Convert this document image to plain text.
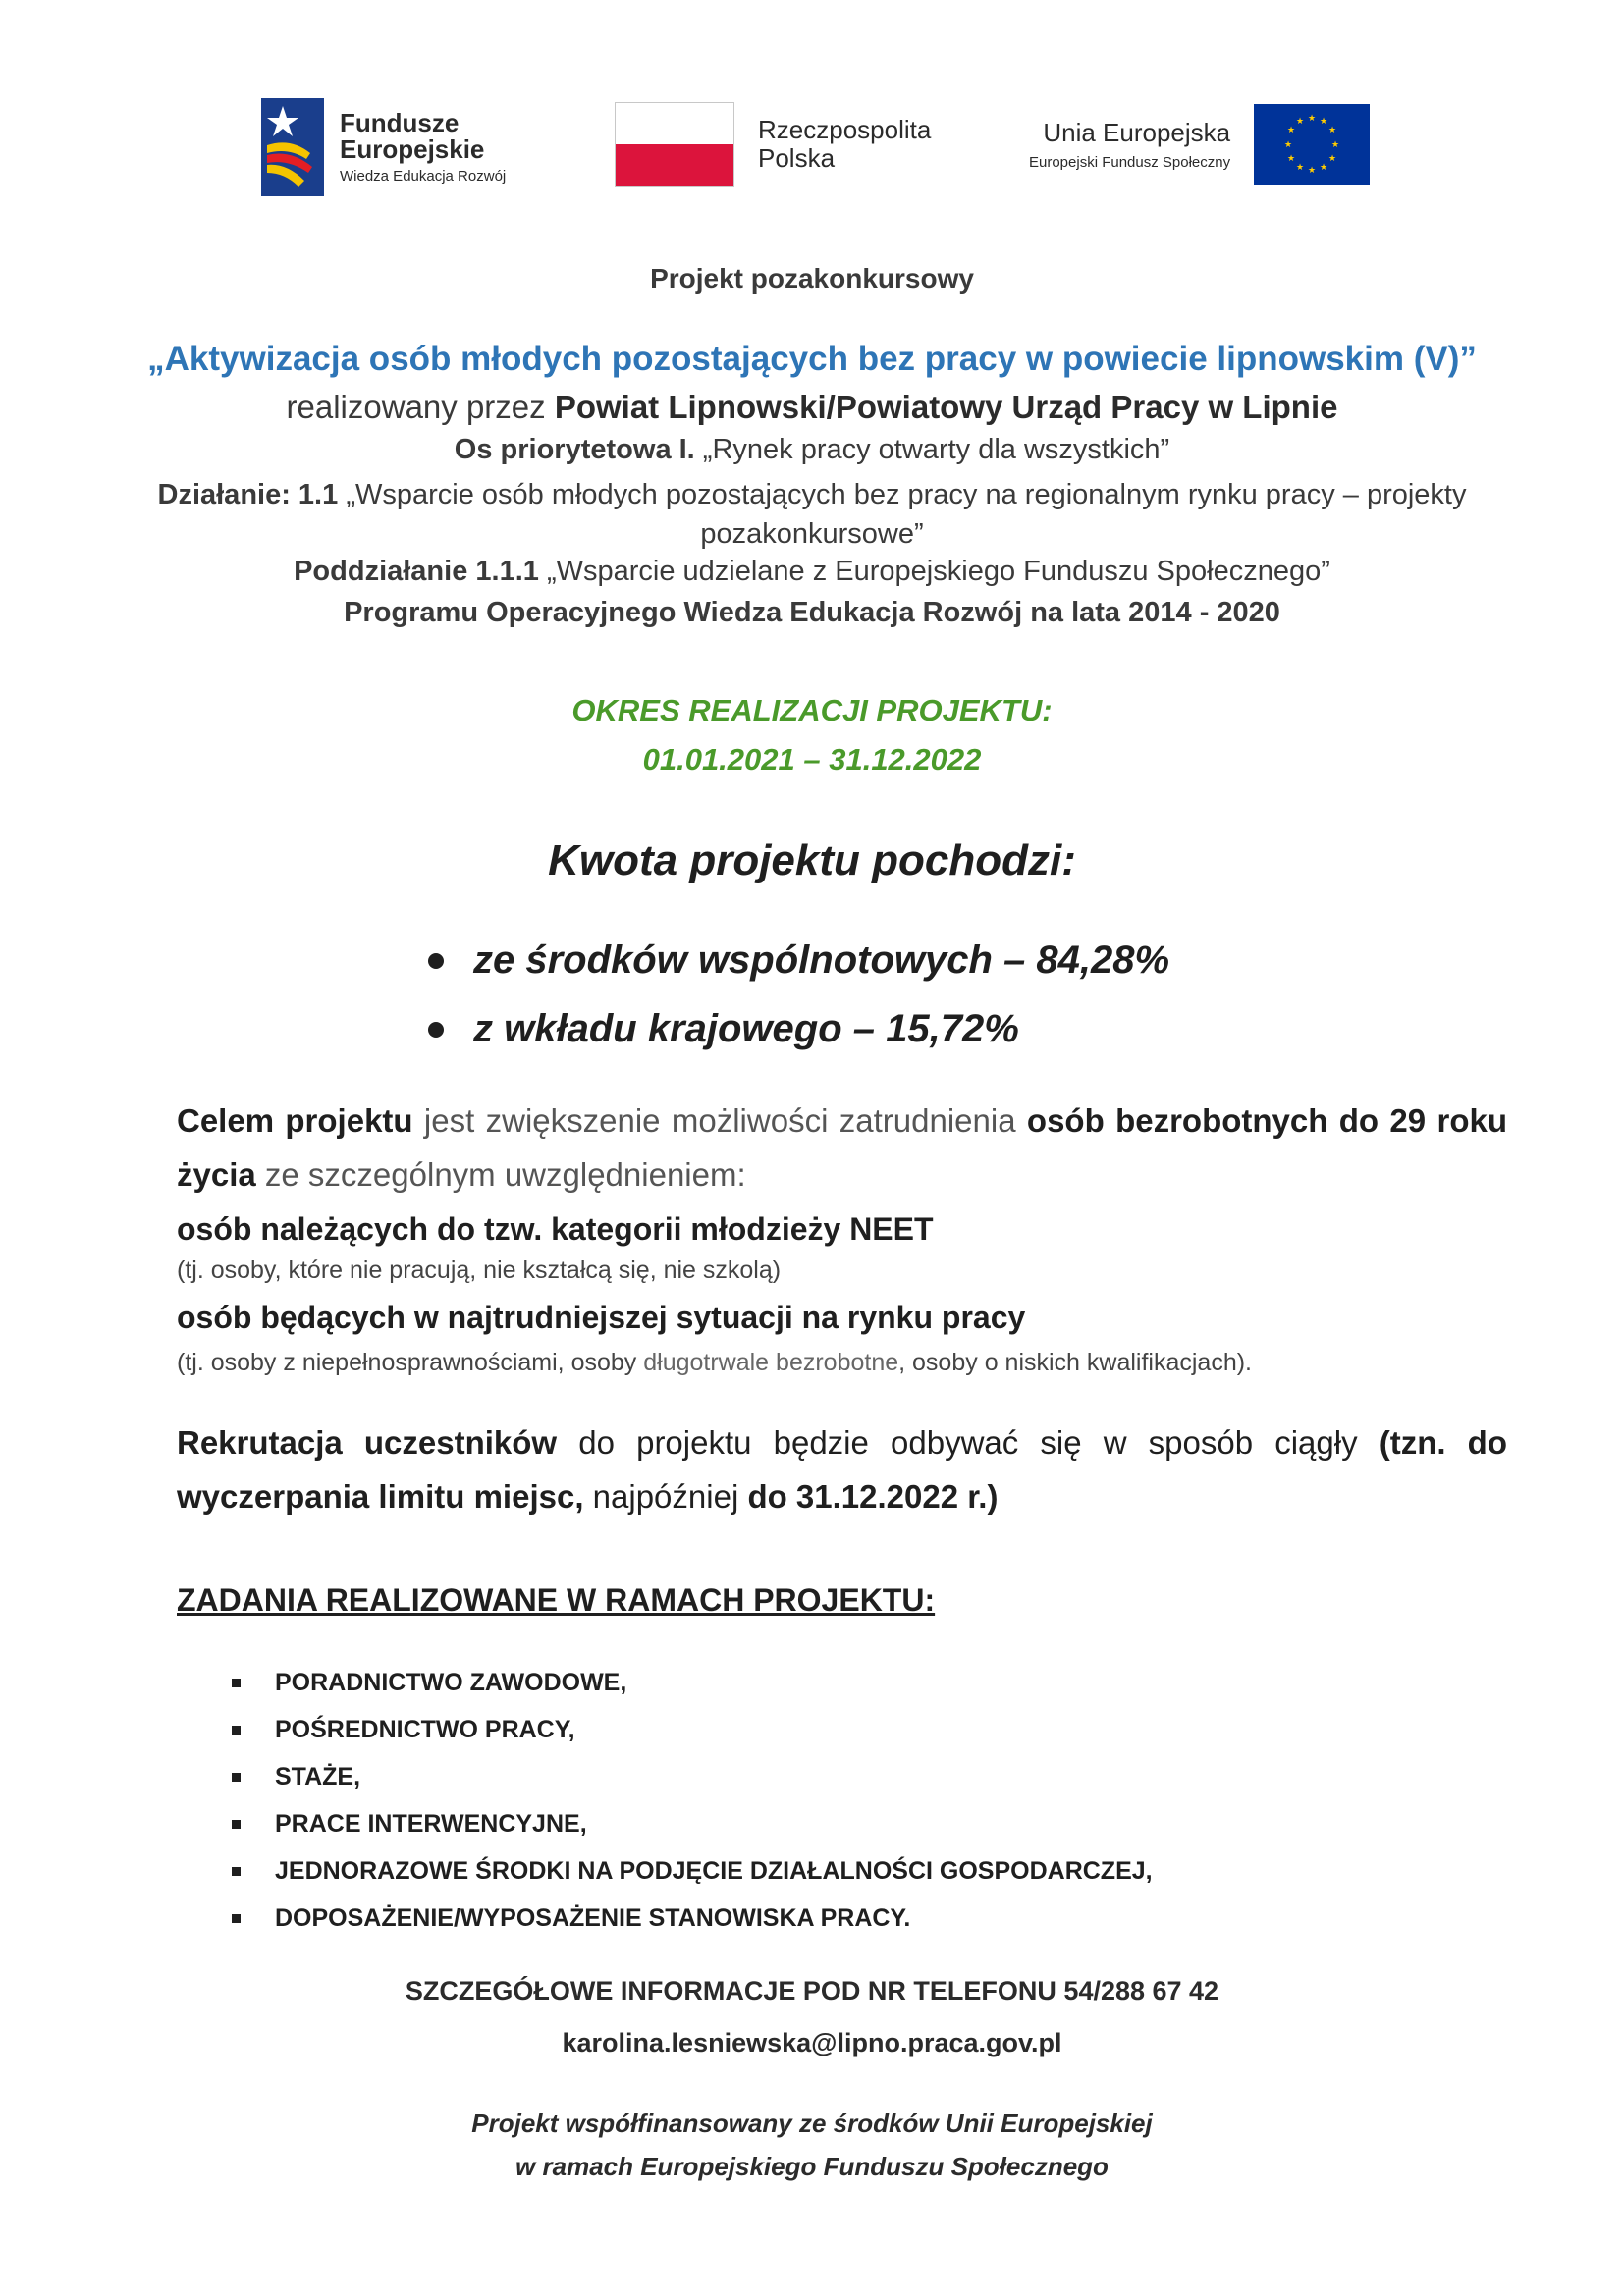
Fundusze
Europejskie
Wiedza Edukacja Rozwój
Rzeczpospolita
Polska
Unia Europejska
Europejski Fundusz Społeczny
★ ★
★
★
★
★
★
★
★
★
★
★
Projekt pozakonkursowy
„Aktywizacja osób młodych pozostających bez pracy w powiecie lipnowskim (V)”
realizowany przez Powiat Lipnowski/Powiatowy Urząd Pracy w Lipnie
Os priorytetowa I. „Rynek pracy otwarty dla wszystkich”
Działanie: 1.1 „Wsparcie osób młodych pozostających bez pracy na regionalnym rynku pracy – projekty pozakonkursowe”
Poddziałanie 1.1.1 „Wsparcie udzielane z Europejskiego Funduszu Społecznego”
Programu Operacyjnego Wiedza Edukacja Rozwój na lata 2014 - 2020
OKRES REALIZACJI PROJEKTU:
01.01.2021 – 31.12.2022
Kwota projektu pochodzi:
ze środków wspólnotowych – 84,28%
z wkładu krajowego – 15,72%
Celem projektu jest zwiększenie możliwości zatrudnienia osób bezrobotnych do 29 roku życia ze szczególnym uwzględnieniem:
osób należących do tzw. kategorii młodzieży NEET
(tj. osoby, które nie pracują, nie kształcą się, nie szkolą)
osób będących w najtrudniejszej sytuacji na rynku pracy
(tj. osoby z niepełnosprawnościami, osoby długotrwale bezrobotne, osoby o niskich kwalifikacjach).
Rekrutacja uczestników do projektu będzie odbywać się w sposób ciągły (tzn. do wyczerpania limitu miejsc, najpóźniej do 31.12.2022 r.)
ZADANIA REALIZOWANE W RAMACH PROJEKTU:
PORADNICTWO ZAWODOWE,
POŚREDNICTWO PRACY,
STAŻE,
PRACE INTERWENCYJNE,
JEDNORAZOWE ŚRODKI NA PODJĘCIE DZIAŁALNOŚCI GOSPODARCZEJ,
DOPOSAŻENIE/WYPOSAŻENIE STANOWISKA PRACY.
SZCZEGÓŁOWE INFORMACJE POD NR TELEFONU 54/288 67 42
karolina.lesniewska@lipno.praca.gov.pl
Projekt współfinansowany ze środków Unii Europejskiej
w ramach Europejskiego Funduszu Społecznego
